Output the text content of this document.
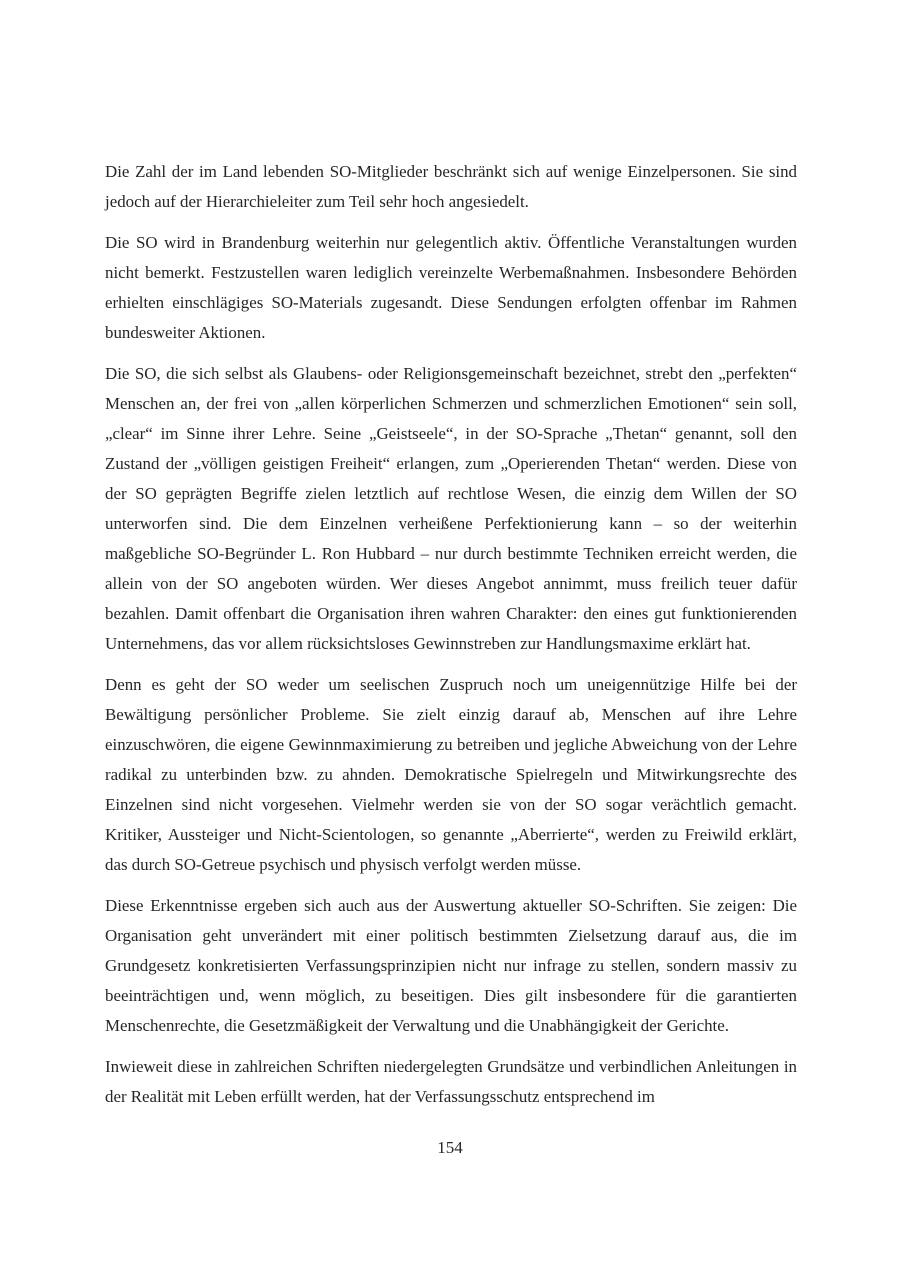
Die Zahl der im Land lebenden SO-Mitglieder beschränkt sich auf wenige Einzelpersonen. Sie sind jedoch auf der Hierarchieleiter zum Teil sehr hoch angesiedelt.

Die SO wird in Brandenburg weiterhin nur gelegentlich aktiv. Öffentliche Veranstaltungen wurden nicht bemerkt. Festzustellen waren lediglich vereinzelte Werbemaßnahmen. Insbesondere Behörden erhielten einschlägiges SO-Materials zugesandt. Diese Sendungen erfolgten offenbar im Rahmen bundesweiter Aktionen.

Die SO, die sich selbst als Glaubens- oder Religionsgemeinschaft bezeichnet, strebt den „perfekten“ Menschen an, der frei von „allen körperlichen Schmerzen und schmerzlichen Emotionen“ sein soll, „clear“ im Sinne ihrer Lehre. Seine „Geistseele“, in der SO-Sprache „Thetan“ genannt, soll den Zustand der „völligen geistigen Freiheit“ erlangen, zum „Operierenden Thetan“ werden. Diese von der SO geprägten Begriffe zielen letztlich auf rechtlose Wesen, die einzig dem Willen der SO unterworfen sind. Die dem Einzelnen verheißene Perfektionierung kann – so der weiterhin maßgebliche SO-Begründer L. Ron Hubbard – nur durch bestimmte Techniken erreicht werden, die allein von der SO angeboten würden. Wer dieses Angebot annimmt, muss freilich teuer dafür bezahlen. Damit offenbart die Organisation ihren wahren Charakter: den eines gut funktionierenden Unternehmens, das vor allem rücksichtsloses Gewinnstreben zur Handlungsmaxime erklärt hat.

Denn es geht der SO weder um seelischen Zuspruch noch um uneigennützige Hilfe bei der Bewältigung persönlicher Probleme. Sie zielt einzig darauf ab, Menschen auf ihre Lehre einzuschwören, die eigene Gewinnmaximierung zu betreiben und jegliche Abweichung von der Lehre radikal zu unterbinden bzw. zu ahnden. Demokratische Spielregeln und Mitwirkungsrechte des Einzelnen sind nicht vorgesehen. Vielmehr werden sie von der SO sogar verächtlich gemacht. Kritiker, Aussteiger und Nicht-Scientologen, so genannte „Aberrierte“, werden zu Freiwild erklärt, das durch SO-Getreue psychisch und physisch verfolgt werden müsse.

Diese Erkenntnisse ergeben sich auch aus der Auswertung aktueller SO-Schriften. Sie zeigen: Die Organisation geht unverändert mit einer politisch bestimmten Zielsetzung darauf aus, die im Grundgesetz konkretisierten Verfassungsprinzipien nicht nur infrage zu stellen, sondern massiv zu beeinträchtigen und, wenn möglich, zu beseitigen. Dies gilt insbesondere für die garantierten Menschenrechte, die Gesetzmäßigkeit der Verwaltung und die Unabhängigkeit der Gerichte.

Inwieweit diese in zahlreichen Schriften niedergelegten Grundsätze und verbindlichen Anleitungen in der Realität mit Leben erfüllt werden, hat der Verfassungsschutz entsprechend im

154
